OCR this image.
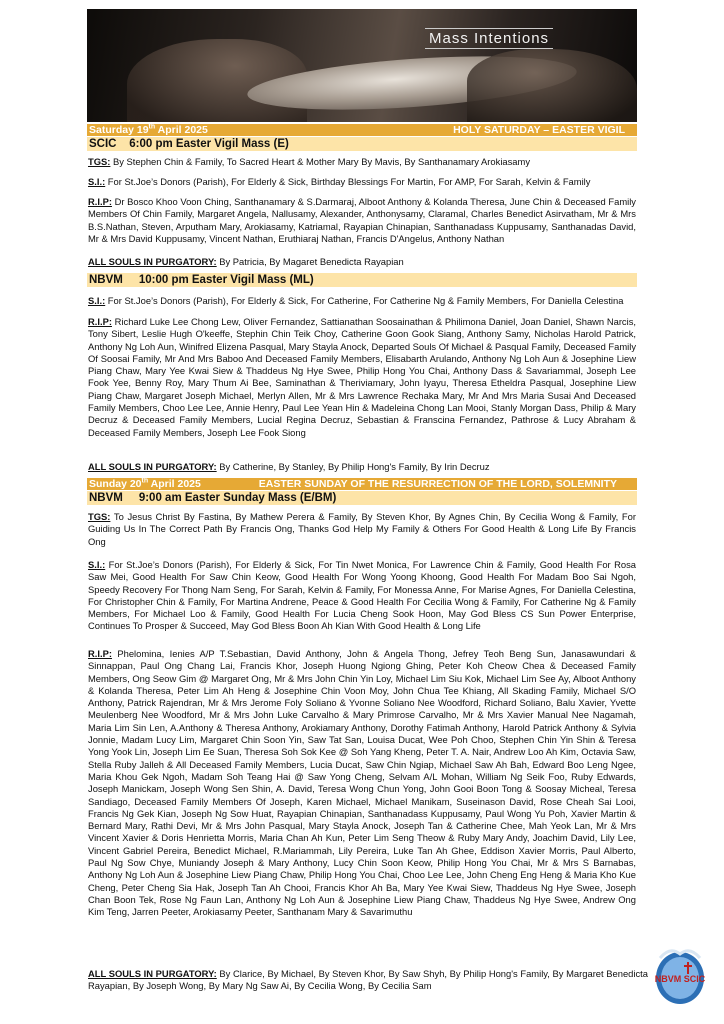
Mass Intentions
Saturday 19th April 2025	HOLY SATURDAY – EASTER VIGIL
SCIC    6:00 pm Easter Vigil Mass (E)

TGS: By Stephen Chin & Family, To Sacred Heart & Mother Mary By Mavis, By Santhanamary Arokiasamy

S.I.: For St.Joe’s Donors (Parish), For Elderly & Sick, Birthday Blessings For Martin, For AMP, For Sarah, Kelvin & Family

R.I.P: Dr Bosco Khoo Voon Ching, Santhanamary & S.Darmaraj, Alboot Anthony & Kolanda Theresa, June Chin & Deceased Family Members Of Chin Family, Margaret Angela, Nallusamy, Alexander, Anthonysamy, Claramal, Charles Benedict Asirvatham, Mr & Mrs B.S.Nathan, Steven, Arputham Mary, Arokiasamy, Katriamal, Rayapian Chinapian, Santhanadass Kuppusamy, Santhanadas David, Mr & Mrs David Kuppusamy, Vincent Nathan, Eruthiaraj Nathan, Francis D'Angelus, Anthony Nathan

ALL SOULS IN PURGATORY: By Patricia, By Magaret Benedicta Rayapian

NBVM     10:00 pm Easter Vigil Mass (ML)

S.I.: For St.Joe’s Donors (Parish), For Elderly & Sick, For Catherine, For Catherine Ng & Family Members, For Daniella Celestina

R.I.P: Richard Luke Lee Chong Lew, Oliver Fernandez, Sattianathan Soosainathan & Philimona Daniel, Joan Daniel, Shawn Narcis, Tony Sibert, Leslie Hugh O'keeffe, Stephin Chin Teik Choy, Catherine Goon Gook Siang, Anthony Samy, Nicholas Harold Patrick, Anthony Ng Loh Aun, Winifred Elizena Pasqual, Mary Stayla Anock, Departed Souls Of Michael & Pasqual Family, Deceased Family Of Soosai Family, Mr And Mrs Baboo And Deceased Family Members, Elisabarth Arulando, Anthony Ng Loh Aun & Josephine Liew Piang Chaw, Mary Yee Kwai Siew & Thaddeus Ng Hye Swee, Philip Hong You Chai, Anthony Dass & Savariammal, Joseph Lee Fook Yee, Benny Roy, Mary Thum Ai Bee, Saminathan & Theriviamary, John Iyayu, Theresa Etheldra Pasqual, Josephine Liew Piang Chaw, Margaret Joseph Michael, Merlyn Allen, Mr & Mrs Lawrence Rechaka Mary, Mr And Mrs Maria Susai And Deceased Family Members, Choo Lee Lee, Annie Henry, Paul Lee Yean Hin & Madeleina Chong Lan Mooi, Stanly Morgan Dass, Philip & Mary Decruz & Deceased Family Members, Lucial Regina Decruz, Sebastian & Franscina Fernandez, Pathrose & Lucy Abraham & Deceased Family Members, Joseph Lee Fook Siong

ALL SOULS IN PURGATORY: By Catherine, By Stanley, By Philip Hong's Family, By Irin Decruz

Sunday 20th April 2025	EASTER SUNDAY OF THE RESURRECTION OF THE LORD, SOLEMNITY
NBVM     9:00 am Easter Sunday Mass (E/BM)

TGS: To Jesus Christ By Fastina, By Mathew Perera & Family, By Steven Khor, By Agnes Chin, By Cecilia Wong & Family, For Guiding Us In The Correct Path By Francis Ong, Thanks God Help My Family & Others For Good Health & Long Life By Francis Ong

S.I.: For St.Joe’s Donors (Parish), For Elderly & Sick, For Tin Nwet Monica, For Lawrence Chin & Family, Good Health For Rosa Saw Mei, Good Health For Saw Chin Keow, Good Health For Wong Yoong Khoong, Good Health For Madam Boo Sai Ngoh, Speedy Recovery For Thong Nam Seng, For Sarah, Kelvin & Family, For Monessa Anne, For Marise Agnes, For Daniella Celestina, For Christopher Chin & Family, For Martina Andrene, Peace & Good Health For Cecilia Wong & Family, For Catherine Ng & Family Members, For Michael Loo & Family, Good Health For Lucia Cheng Sook Hoon, May God Bless CS Sun Power Enterprise, Continues To Prosper & Succeed, May God Bless Boon Ah Kian With Good Health & Long Life

R.I.P: Phelomina, Ienies A/P T.Sebastian, David Anthony, John & Angela Thong, Jefrey Teoh Beng Sun, Janasawundari & Sinnappan, Paul Ong Chang Lai, Francis Khor, Joseph Huong Ngiong Ghing, Peter Koh Cheow Chea & Deceased Family Members, Ong Seow Gim @ Margaret Ong, Mr & Mrs John Chin Yin Loy, Michael Lim Siu Kok, Michael Lim See Ay, Alboot Anthony & Kolanda Theresa, Peter Lim Ah Heng & Josephine Chin Voon Moy, John Chua Tee Khiang, All Skading Family, Michael S/O Anthony, Patrick Rajendran, Mr & Mrs Jerome Foly Soliano & Yvonne Soliano Nee Woodford, Richard Soliano, Balu Xavier, Yvette Meulenberg Nee Woodford, Mr & Mrs John Luke Carvalho & Mary Primrose Carvalho, Mr & Mrs Xavier Manual Nee Nagamah, Maria Lim Sin Len, A.Anthony & Theresa Anthony, Arokiamary Anthony, Dorothy Fatimah Anthony, Harold Patrick Anthony & Sylvia Jonnie, Madam Lucy Lim, Margaret Chin Soon Yin, Saw Tat San, Louisa Ducat, Wee Poh Choo, Stephen Chin Yin Shin & Teresa Yong Yook Lin, Joseph Lim Ee Suan, Theresa Soh Sok Kee @ Soh Yang Kheng, Peter T. A. Nair, Andrew Loo Ah Kim, Octavia Saw, Stella Ruby Jalleh & All Deceased Family Members, Lucia Ducat, Saw Chin Ngiap, Michael Saw Ah Bah, Edward Boo Leng Ngee, Maria Khou Gek Ngoh, Madam Soh Teang Hai @ Saw Yong Cheng, Selvam A/L Mohan, William Ng Seik Foo, Ruby Edwards, Joseph Manickam, Joseph Wong Sen Shin, A. David, Teresa Wong Chun Yong, John Gooi Boon Tong & Soosay Micheal, Teresa Sandiago, Deceased Family Members Of Joseph, Karen Michael, Michael Manikam, Suseinason David, Rose Cheah Sai Looi, Francis Ng Gek Kian, Joseph Ng Sow Huat, Rayapian Chinapian, Santhanadass Kuppusamy, Paul Wong Yu Poh, Xavier Martin & Bernard Mary, Rathi Devi, Mr & Mrs John Pasqual, Mary Stayla Anock, Joseph Tan & Catherine Chee, Mah Yeok Lan, Mr & Mrs Vincent Xavier & Doris Henrietta Morris, Maria Chan Ah Kun, Peter Lim Seng Theow & Ruby Mary Andy, Joachim David, Lily Lee, Vincent Gabriel Pereira, Benedict Michael, R.Mariammah, Lily Pereira, Luke Tan Ah Ghee, Eddison Xavier Morris, Paul Alberto, Paul Ng Sow Chye, Muniandy Joseph & Mary Anthony, Lucy Chin Soon Keow, Philip Hong You Chai, Mr & Mrs S Barnabas, Anthony Ng Loh Aun & Josephine Liew Piang Chaw, Philip Hong You Chai, Choo Lee Lee, John Cheng Eng Heng & Maria Kho Kue Cheng, Peter Cheng Sia Hak, Joseph Tan Ah Chooi, Francis Khor Ah Ba, Mary Yee Kwai Siew, Thaddeus Ng Hye Swee, Joseph Chan Boon Tek, Rose Ng Faun Lan, Anthony Ng Loh Aun & Josephine Liew Piang Chaw, Thaddeus Ng Hye Swee, Andrew Ong Kim Teng, Jarren Peeter, Arokiasamy Peeter, Santhanam Mary & Savarimuthu

ALL SOULS IN PURGATORY: By Clarice, By Michael, By Steven Khor, By Saw Shyh, By Philip Hong's Family, By Margaret Benedicta Rayapian, By Joseph Wong, By Mary Ng Saw Ai, By Cecilia Wong, By Cecilia Sam

NBVM SCIC
